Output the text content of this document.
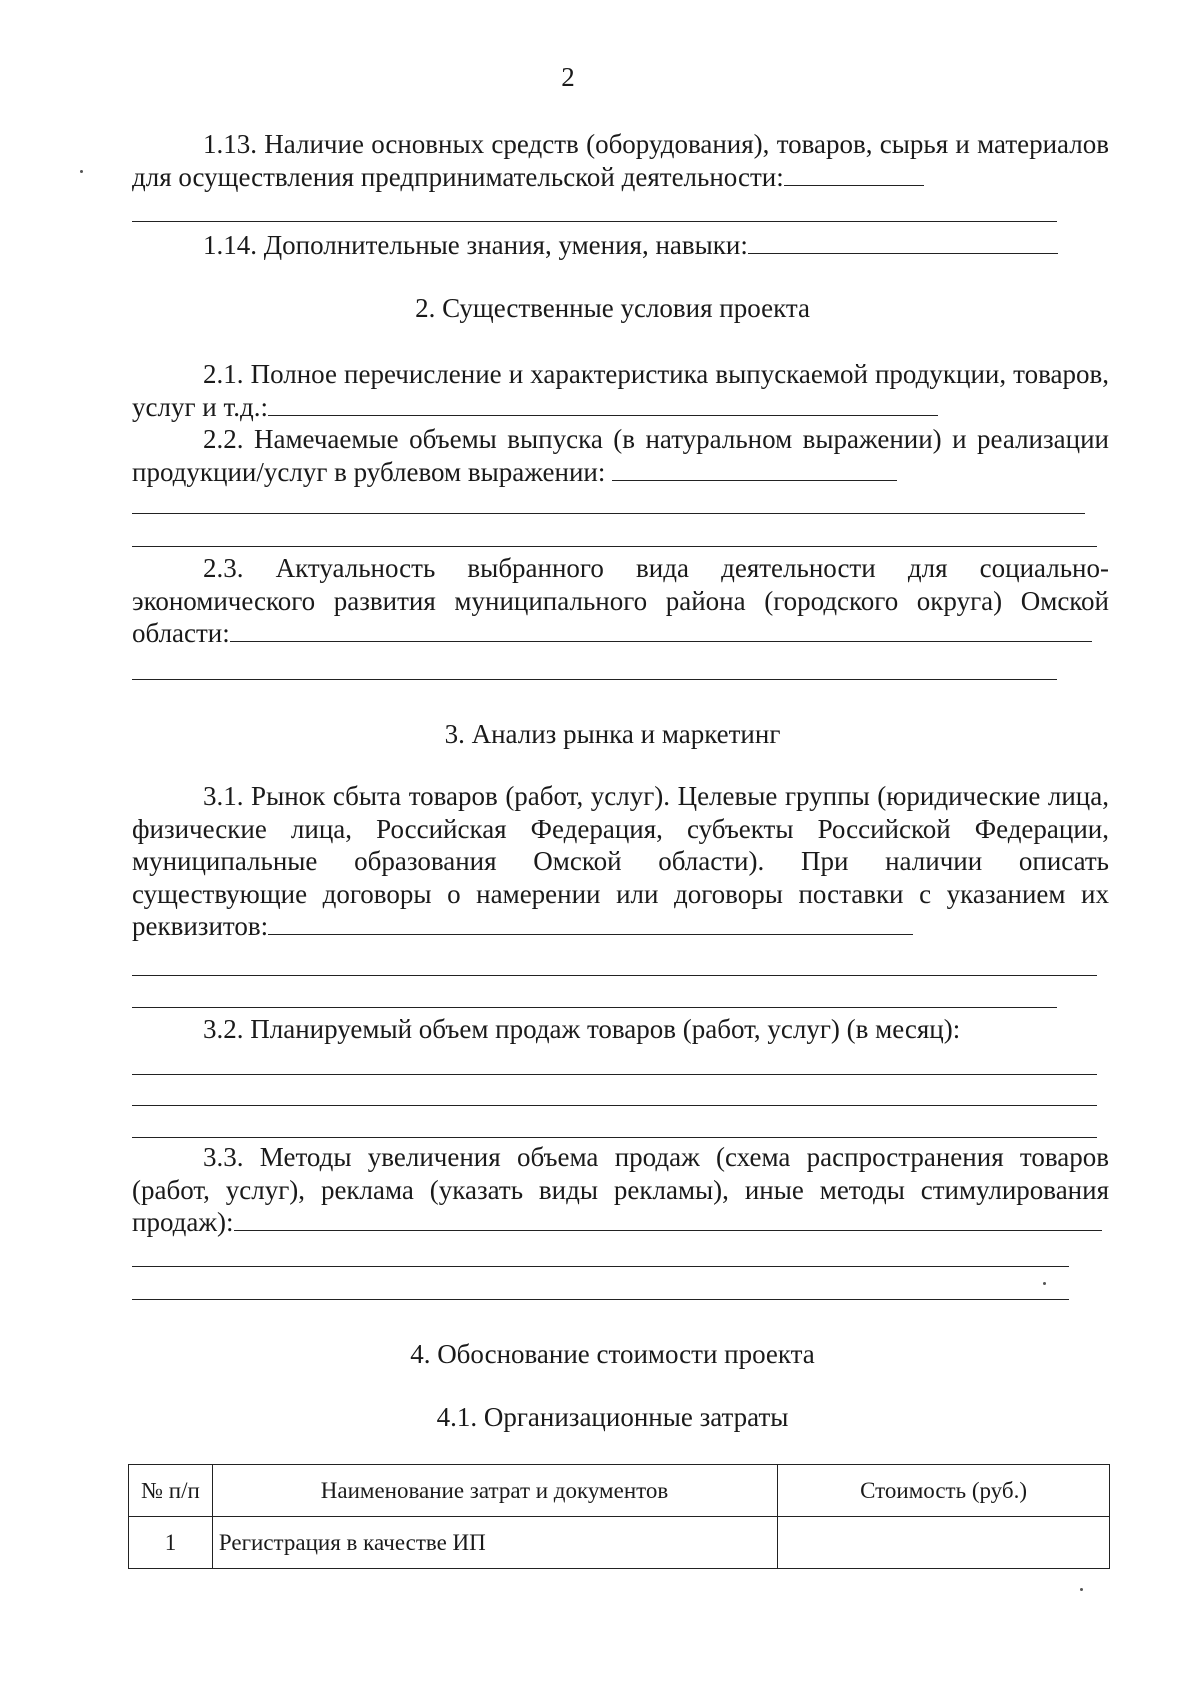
2

1.13. Наличие основных средств (оборудования), товаров, сырья и материалов для осуществления предпринимательской деятельности:

1.14. Дополнительные знания, умения, навыки:

2. Существенные условия проекта

2.1. Полное перечисление и характеристика выпускаемой продукции, товаров, услуг и т.д.:

2.2. Намечаемые объемы выпуска (в натуральном выражении) и реализации продукции/услуг в рублевом выражении:

2.3. Актуальность выбранного вида деятельности для социально-экономического развития муниципального района (городского округа) Омской области:

3. Анализ рынка и маркетинг

3.1. Рынок сбыта товаров (работ, услуг). Целевые группы (юридические лица, физические лица, Российская Федерация, субъекты Российской Федерации, муниципальные образования Омской области). При наличии описать существующие договоры о намерении или договоры поставки с указанием их реквизитов:

3.2. Планируемый объем продаж товаров (работ, услуг) (в месяц):

3.3. Методы увеличения объема продаж (схема распространения товаров (работ, услуг), реклама (указать виды рекламы), иные методы стимулирования продаж):

4. Обоснование стоимости проекта

4.1. Организационные затраты

№ п/п	Наименование затрат и документов	Стоимость (руб.)
1	Регистрация в качестве ИП	
